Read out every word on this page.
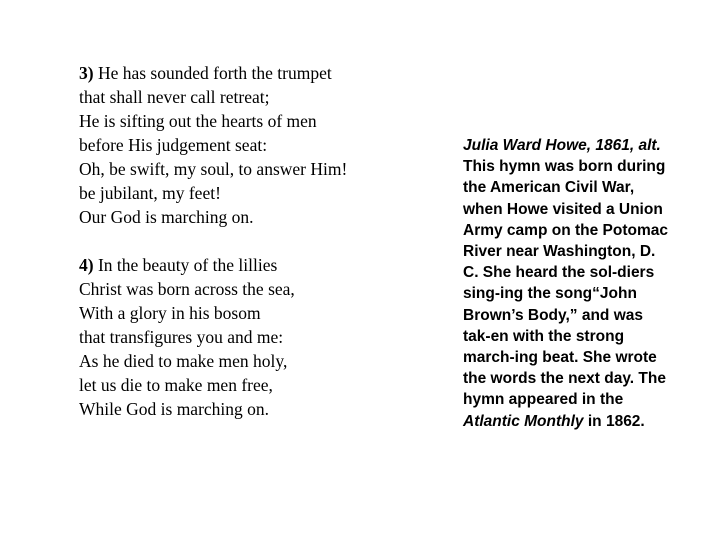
3) He has sounded forth the trumpet
that shall never call retreat;
He is sifting out the hearts of men
before His judgement seat:
Oh, be swift, my soul, to answer Him!
be jubilant, my feet!
Our God is marching on.

4) In the beauty of the lillies
Christ was born across the sea,
With a glory in his bosom
that transfigures you and me:
As he died to make men holy,
let us die to make men free,
While God is marching on.

Julia Ward Howe, 1861, alt.
This hymn was born during
the American Civil War,
when Howe visited a Union
Army camp on the Potomac
River near Washington, D.
C. She heard the sol-diers
sing-ing the song“John
Brown’s Body,” and was
tak-en with the strong
march-ing beat. She wrote
the words the next day. The
hymn appeared in the
Atlantic Monthly in 1862.
